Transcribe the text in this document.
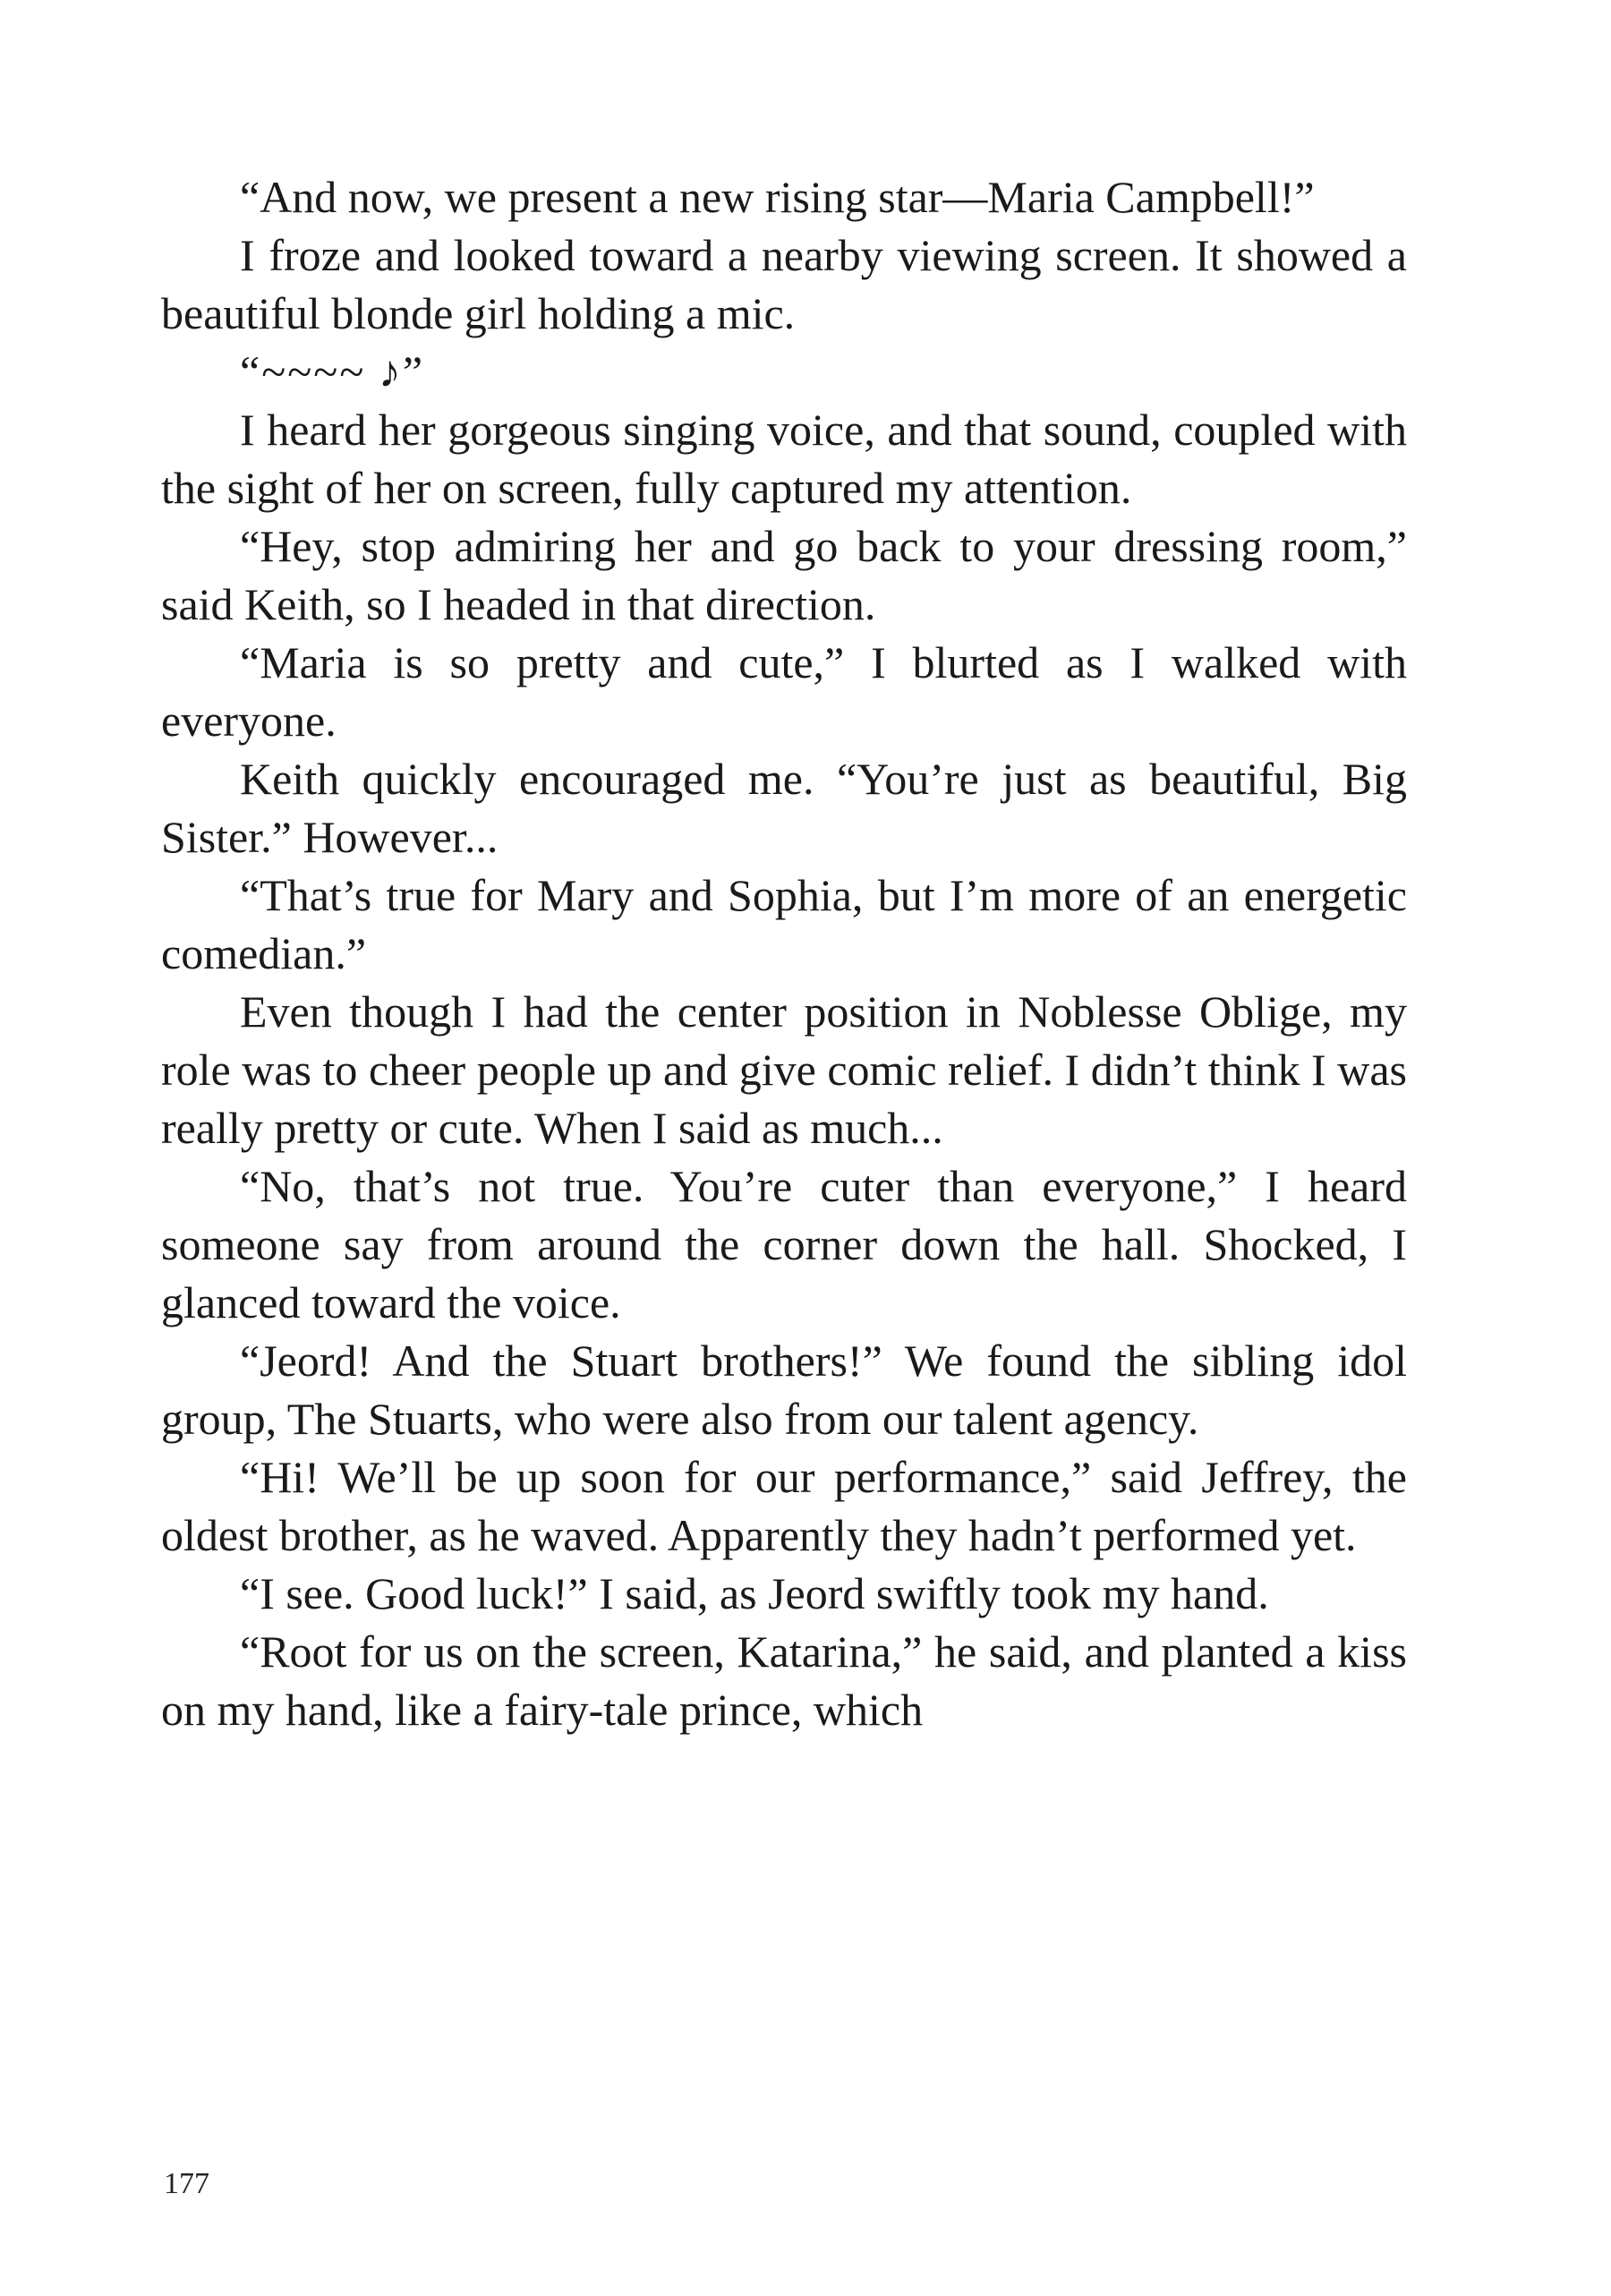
“And now, we present a new rising star—Maria Campbell!”

I froze and looked toward a nearby viewing screen. It showed a beautiful blonde girl holding a mic.

“~~~~ ♪”

I heard her gorgeous singing voice, and that sound, coupled with the sight of her on screen, fully captured my attention.

“Hey, stop admiring her and go back to your dressing room,” said Keith, so I headed in that direction.

“Maria is so pretty and cute,” I blurted as I walked with everyone.

Keith quickly encouraged me. “You’re just as beautiful, Big Sister.” However...

“That’s true for Mary and Sophia, but I’m more of an energetic comedian.”

Even though I had the center position in Noblesse Oblige, my role was to cheer people up and give comic relief. I didn’t think I was really pretty or cute. When I said as much...

“No, that’s not true. You’re cuter than everyone,” I heard someone say from around the corner down the hall. Shocked, I glanced toward the voice.

“Jeord! And the Stuart brothers!” We found the sibling idol group, The Stuarts, who were also from our talent agency.

“Hi! We’ll be up soon for our performance,” said Jeffrey, the oldest brother, as he waved. Apparently they hadn’t performed yet.

“I see. Good luck!” I said, as Jeord swiftly took my hand.

“Root for us on the screen, Katarina,” he said, and planted a kiss on my hand, like a fairy-tale prince, which

177
